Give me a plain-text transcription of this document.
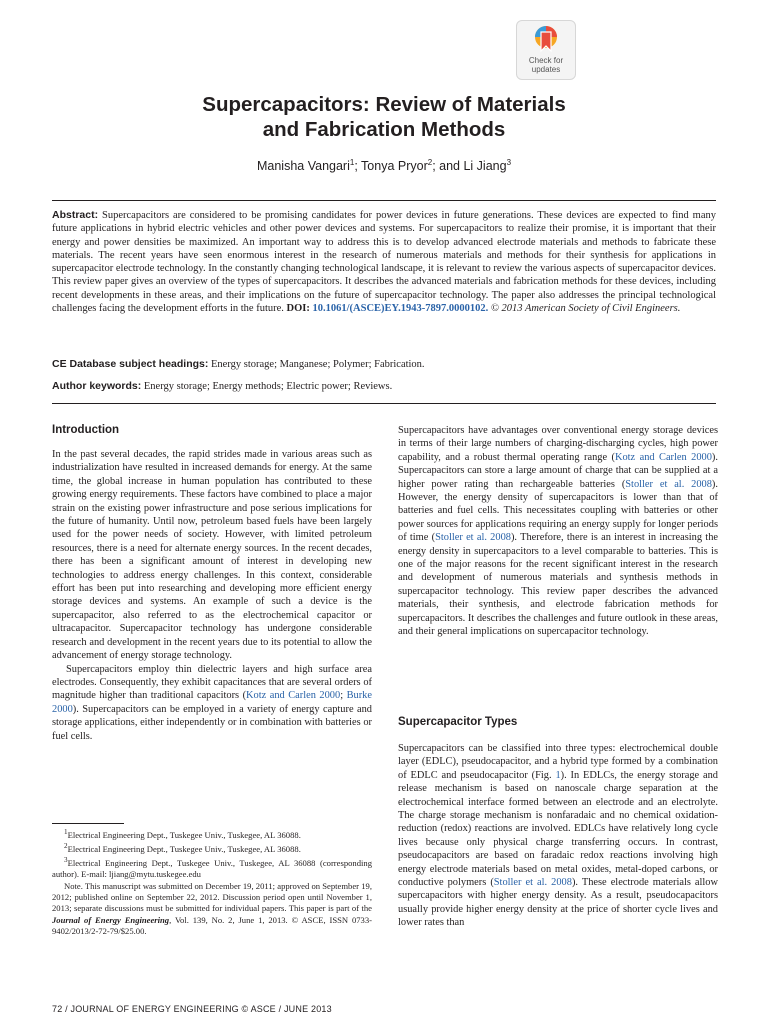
Check for
updates
Supercapacitors: Review of Materials
and Fabrication Methods
Manisha Vangari$^1$; Tonya Pryor$^2$; and Li Jiang$^3$

Abstract: Supercapacitors are considered to be promising candidates for power devices in future generations. These devices are expected to find many future applications in hybrid electric vehicles and other power devices and systems. For supercapacitors to realize their promise, it is important that their energy and power densities be maximized. An important way to address this is to develop advanced electrode materials and methods to fabricate these materials. The recent years have seen enormous interest in the research of numerous materials and methods for their synthesis for applications in supercapacitor electrode technology. In the constantly changing technological landscape, it is relevant to review the various aspects of supercapacitor devices. This review paper gives an overview of the types of supercapacitors. It describes the advanced materials and fabrication methods for these devices, including recent developments in these areas, and their implications on the future of supercapacitor technology. The paper also addresses the principal technological challenges facing the development efforts in the future. DOI: 10.1061/(ASCE)EY.1943-7897.0000102. © 2013 American Society of Civil Engineers.

CE Database subject headings: Energy storage; Manganese; Polymer; Fabrication.

Author keywords: Energy storage; Energy methods; Electric power; Reviews.

Introduction

In the past several decades, the rapid strides made in various areas such as industrialization have resulted in increased demands for energy. At the same time, the global increase in human population has contributed to these growing energy requirements. These factors have combined to place a major strain on the existing power infrastructure and pose serious implications for the future of humanity. Until now, petroleum based fuels have been largely used for the power needs of society. However, with limited petroleum resources, there is a need for alternate energy sources. In the recent decades, there has been a significant amount of interest in developing new technologies to address energy challenges. In this context, considerable effort has been put into researching and developing more efficient energy storage devices and systems. An example of such a device is the supercapacitor, also referred to as the electrochemical capacitor or ultracapacitor. Supercapacitor technology has undergone considerable research and development in the recent years due to its potential to allow the advancement of energy storage technology.

Supercapacitors employ thin dielectric layers and high surface area electrodes. Consequently, they exhibit capacitances that are several orders of magnitude higher than traditional capacitors (Kotz and Carlen 2000; Burke 2000). Supercapacitors can be employed in a variety of energy capture and storage applications, either independently or in combination with batteries or fuel cells.

$^1$Electrical Engineering Dept., Tuskegee Univ., Tuskegee, AL 36088.

$^2$Electrical Engineering Dept., Tuskegee Univ., Tuskegee, AL 36088.

$^3$Electrical Engineering Dept., Tuskegee Univ., Tuskegee, AL 36088 (corresponding author). E-mail: ljiang@mytu.tuskegee.edu

Note. This manuscript was submitted on December 19, 2011; approved on September 19, 2012; published online on September 22, 2012. Discussion period open until November 1, 2013; separate discussions must be submitted for individual papers. This paper is part of the Journal of Energy Engineering, Vol. 139, No. 2, June 1, 2013. © ASCE, ISSN 0733-9402/2013/2-72-79/$25.00.

Supercapacitors have advantages over conventional energy storage devices in terms of their large numbers of charging-discharging cycles, high power capability, and a robust thermal operating range (Kotz and Carlen 2000). Supercapacitors can store a large amount of charge that can be supplied at a higher power rating than rechargeable batteries (Stoller et al. 2008). However, the energy density of supercapacitors is lower than that of batteries and fuel cells. This necessitates coupling with batteries or other power sources for applications requiring an energy supply for longer periods of time (Stoller et al. 2008). Therefore, there is an interest in increasing the energy density in supercapacitors to a level comparable to batteries. This is one of the major reasons for the recent significant interest in the research and development of numerous materials and synthesis methods in supercapacitor technology. This review paper describes the advanced materials, their synthesis, and electrode fabrication methods for supercapacitors. It describes the challenges and future outlook in these areas, and their general implications on supercapacitor technology.

Supercapacitor Types

Supercapacitors can be classified into three types: electrochemical double layer (EDLC), pseudocapacitor, and a hybrid type formed by a combination of EDLC and pseudocapacitor (Fig. 1). In EDLCs, the energy storage and release mechanism is based on nanoscale charge separation at the electrochemical interface formed between an electrode and an electrolyte. The charge storage mechanism is nonfaradaic and no chemical oxidation-reduction (redox) reactions are involved. EDLCs have relatively long cycle lives because only physical charge transferring occurs. In contrast, pseudocapacitors are based on faradaic redox reactions involving high energy electrode materials based on metal oxides, metal-doped carbons, or conductive polymers (Stoller et al. 2008). These electrode materials allow supercapacitors with higher energy density. As a result, pseudocapacitors usually provide higher energy density at the price of shorter cycle lives and lower rates than

72 / JOURNAL OF ENERGY ENGINEERING © ASCE / JUNE 2013
